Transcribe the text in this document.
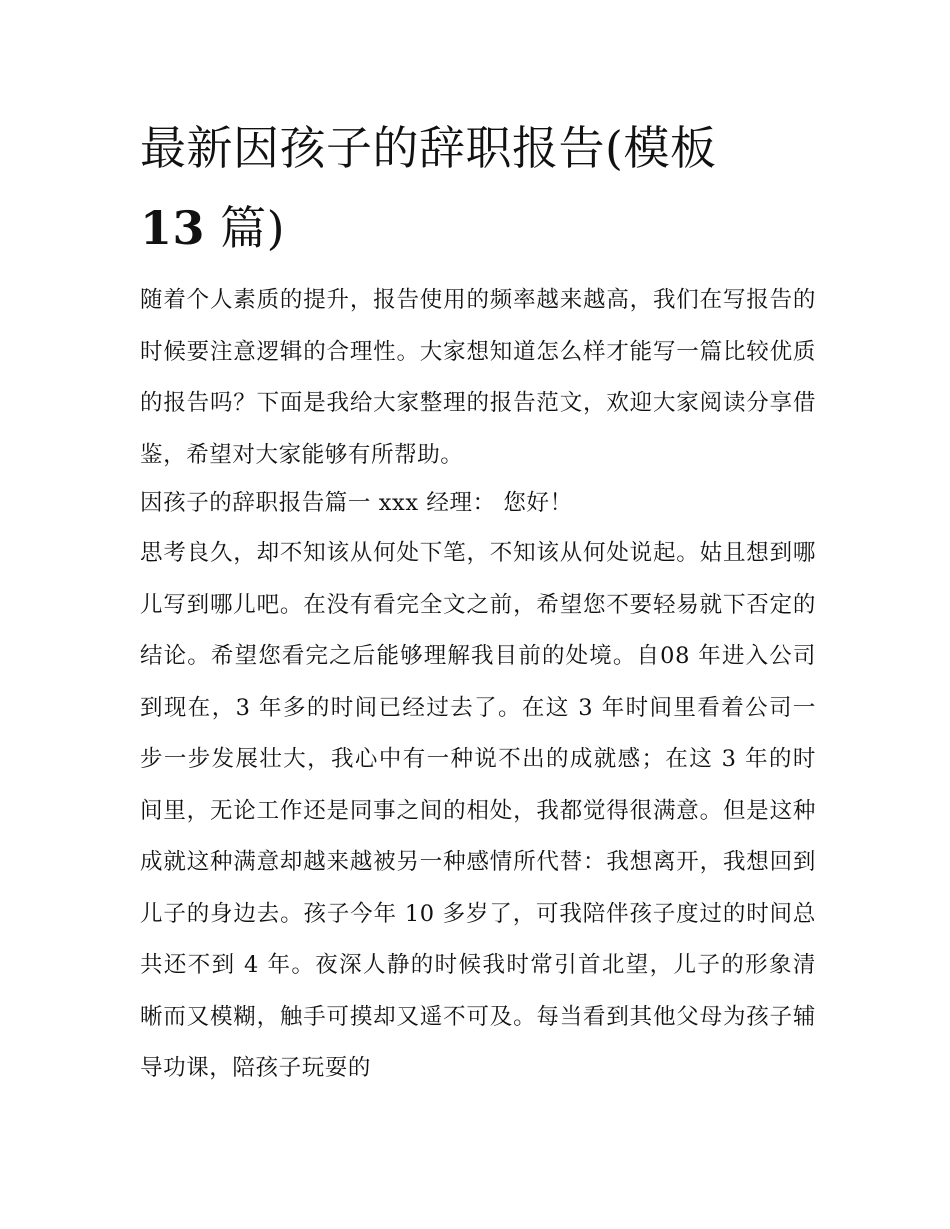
最新因孩子的辞职报告(模板
13 篇)

随着个人素质的提升，报告使用的频率越来越高，我们在写报告的时候要注意逻辑的合理性。大家想知道怎么样才能写一篇比较优质的报告吗？下面是我给大家整理的报告范文，欢迎大家阅读分享借鉴，希望对大家能够有所帮助。

因孩子的辞职报告篇一 xxx 经理： 您好！

思考良久，却不知该从何处下笔，不知该从何处说起。姑且想到哪儿写到哪儿吧。在没有看完全文之前，希望您不要轻易就下否定的结论。希望您看完之后能够理解我目前的处境。自08 年进入公司到现在，3 年多的时间已经过去了。在这 3 年时间里看着公司一步一步发展壮大，我心中有一种说不出的成就感；在这 3 年的时间里，无论工作还是同事之间的相处，我都觉得很满意。但是这种成就这种满意却越来越被另一种感情所代替：我想离开，我想回到儿子的身边去。孩子今年 10 多岁了，可我陪伴孩子度过的时间总共还不到 4 年。夜深人静的时候我时常引首北望，儿子的形象清晰而又模糊，触手可摸却又遥不可及。每当看到其他父母为孩子辅导功课，陪孩子玩耍的
